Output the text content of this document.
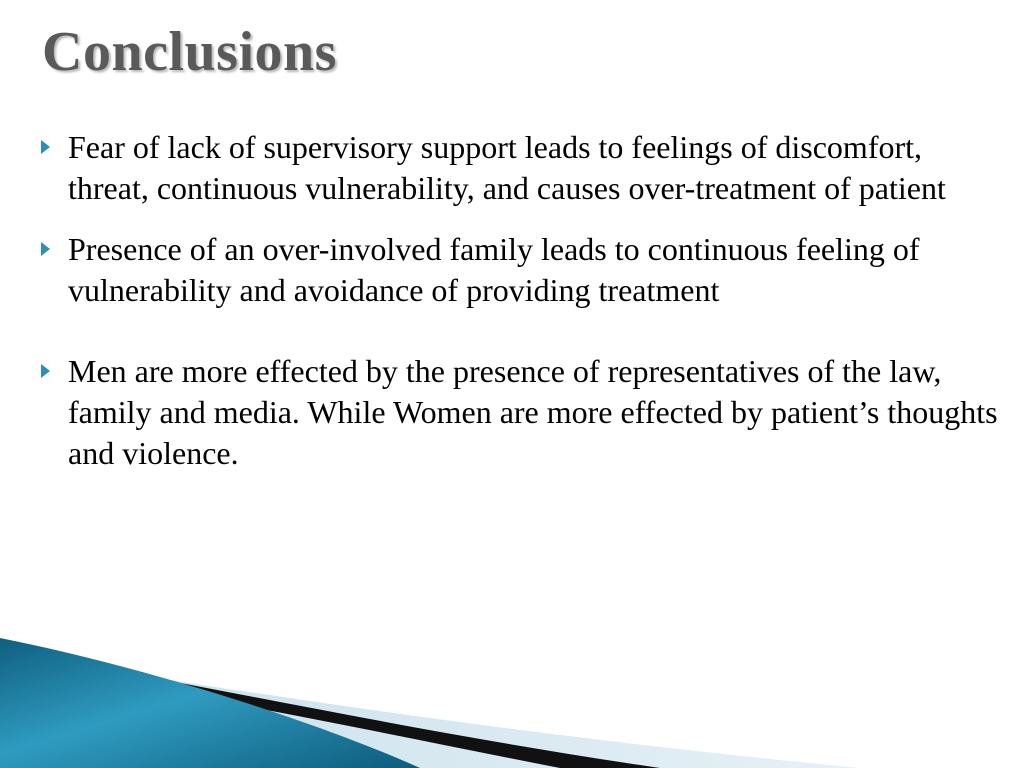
Conclusions
Fear of lack of supervisory support leads to feelings of discomfort, threat, continuous vulnerability, and causes over-treatment of patient
Presence of an over-involved family leads to continuous feeling of vulnerability and avoidance of providing treatment
Men are more effected by the presence of representatives of the law, family and media. While Women are more effected by patient’s thoughts and violence.
